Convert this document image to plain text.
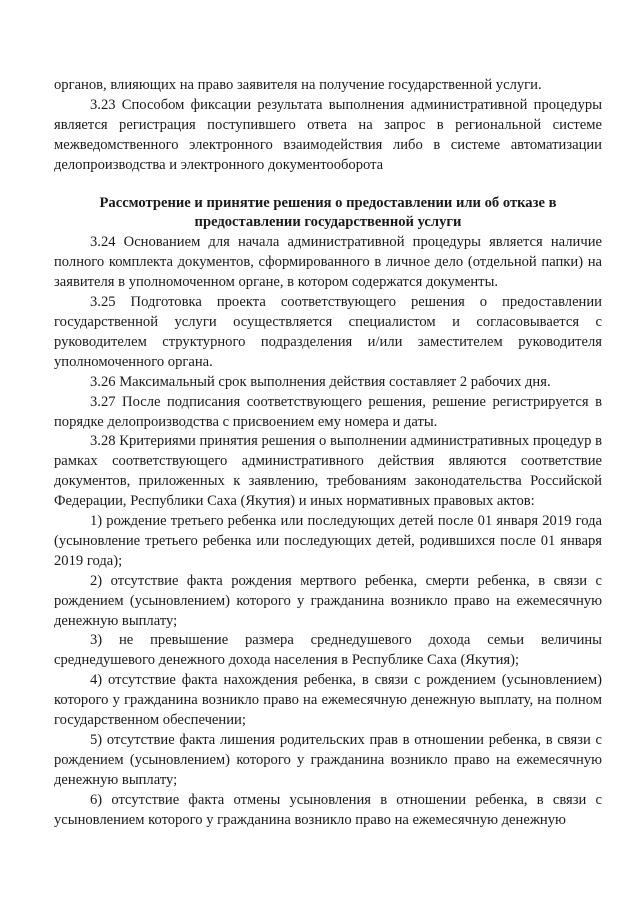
органов, влияющих на право заявителя на получение государственной услуги.

3.23 Способом фиксации результата выполнения административной процедуры является регистрация поступившего ответа на запрос в региональной системе межведомственного электронного взаимодействия либо в системе автоматизации делопроизводства и электронного документооборота

Рассмотрение и принятие решения о предоставлении или об отказе в предоставлении государственной услуги

3.24 Основанием для начала административной процедуры является наличие полного комплекта документов, сформированного в личное дело (отдельной папки) на заявителя в уполномоченном органе, в котором содержатся документы.

3.25 Подготовка проекта соответствующего решения о предоставлении государственной услуги осуществляется специалистом и согласовывается с руководителем структурного подразделения и/или заместителем руководителя уполномоченного органа.

3.26 Максимальный срок выполнения действия составляет 2 рабочих дня.

3.27 После подписания соответствующего решения, решение регистрируется в порядке делопроизводства с присвоением ему номера и даты.

3.28 Критериями принятия решения о выполнении административных процедур в рамках соответствующего административного действия являются соответствие документов, приложенных к заявлению, требованиям законодательства Российской Федерации, Республики Саха (Якутия) и иных нормативных правовых актов:

1) рождение третьего ребенка или последующих детей после 01 января 2019 года (усыновление третьего ребенка или последующих детей, родившихся после 01 января 2019 года);

2) отсутствие факта рождения мертвого ребенка, смерти ребенка, в связи с рождением (усыновлением) которого у гражданина возникло право на ежемесячную денежную выплату;

3) не превышение размера среднедушевого дохода семьи величины среднедушевого денежного дохода населения в Республике Саха (Якутия);

4) отсутствие факта нахождения ребенка, в связи с рождением (усыновлением) которого у гражданина возникло право на ежемесячную денежную выплату, на полном государственном обеспечении;

5) отсутствие факта лишения родительских прав в отношении ребенка, в связи с рождением (усыновлением) которого у гражданина возникло право на ежемесячную денежную выплату;

6) отсутствие факта отмены усыновления в отношении ребенка, в связи с усыновлением которого у гражданина возникло право на ежемесячную денежную
